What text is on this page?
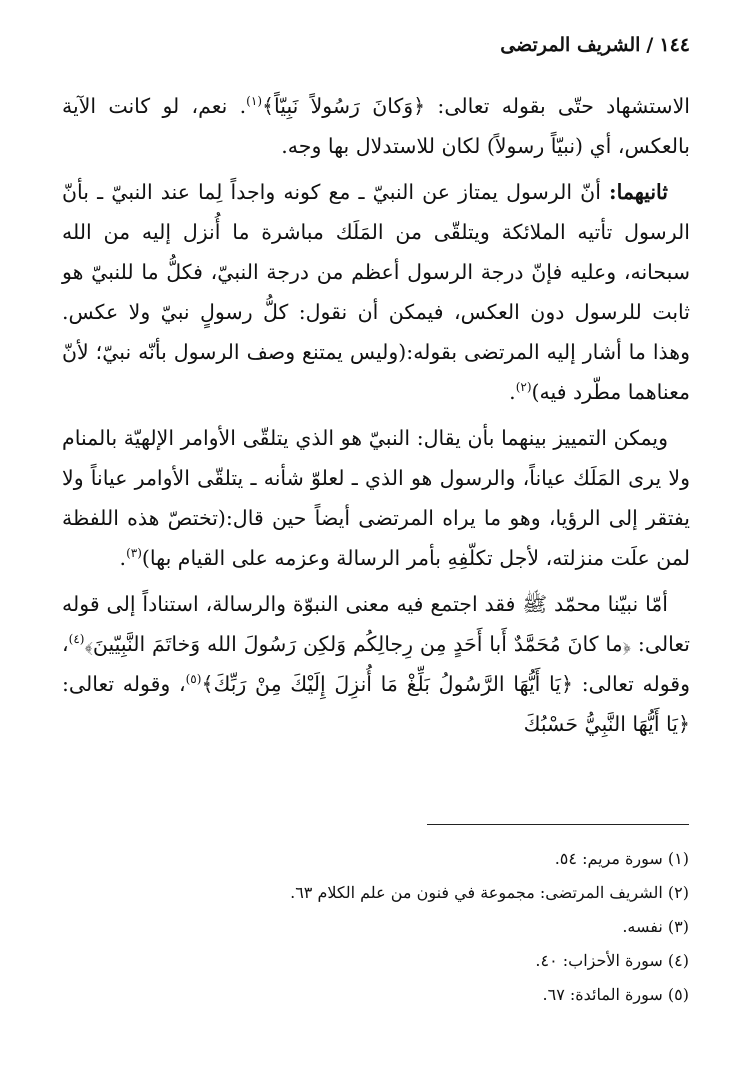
١٤٤/الشريف المرتضى

الاستشهاد حتّى بقوله تعالى: ﴿وَكانَ رَسُولاً نَبِيّاً﴾$^{(١)}$. نعم، لو كانت الآية بالعكس، أي (نبيّاً رسولاً) لكان للاستدلال بها وجه.

ثانيهما: أنّ الرسول يمتاز عن النبيّ ـ مع كونه واجداً لِما عند النبيّ ـ بأنّ الرسول تأتيه الملائكة ويتلقّى من المَلَك مباشرة ما أُنزل إليه من الله سبحانه، وعليه فإنّ درجة الرسول أعظم من درجة النبيّ، فكلُّ ما للنبيّ هو ثابت للرسول دون العكس، فيمكن أن نقول: كلُّ رسولٍ نبيّ ولا عكس. وهذا ما أشار إليه المرتضى بقوله:(وليس يمتنع وصف الرسول بأنّه نبيّ؛ لأنّ معناهما مطّرد فيه)$^{(٢)}$.

ويمكن التمييز بينهما بأن يقال: النبيّ هو الذي يتلقّى الأوامر الإلهيّة بالمنام ولا يرى المَلَك عياناً، والرسول هو الذي ـ لعلوّ شأنه ـ يتلقّى الأوامر عياناً ولا يفتقر إلى الرؤيا، وهو ما يراه المرتضى أيضاً حين قال:(تختصّ هذه اللفظة لمن علَت منزلته، لأجل تكلّفِهِ بأمر الرسالة وعزمه على القيام بها)$^{(٣)}$.

أمّا نبيّنا محمّد ﷺ فقد اجتمع فيه معنى النبوّة والرسالة، استناداً إلى قوله تعالى: ﴿ما كانَ مُحَمَّدٌ أَبا أَحَدٍ مِن رِجالِكُم وَلكِن رَسُولَ الله وَخاتَمَ النَّبِيّينَ﴾$^{(٤)}$، وقوله تعالى: ﴿يَا أَيُّهَا الرَّسُولُ بَلِّغْ مَا أُنزِلَ إِلَيْكَ مِنْ رَبِّكَ﴾$^{(٥)}$، وقوله تعالى: ﴿يَا أَيُّهَا النَّبِيُّ حَسْبُكَ

(١) سورة مريم: ٥٤.
(٢) الشريف المرتضى: مجموعة في فنون من علم الكلام ٦٣.
(٣) نفسه.
(٤) سورة الأحزاب: ٤٠.
(٥) سورة المائدة: ٦٧.
